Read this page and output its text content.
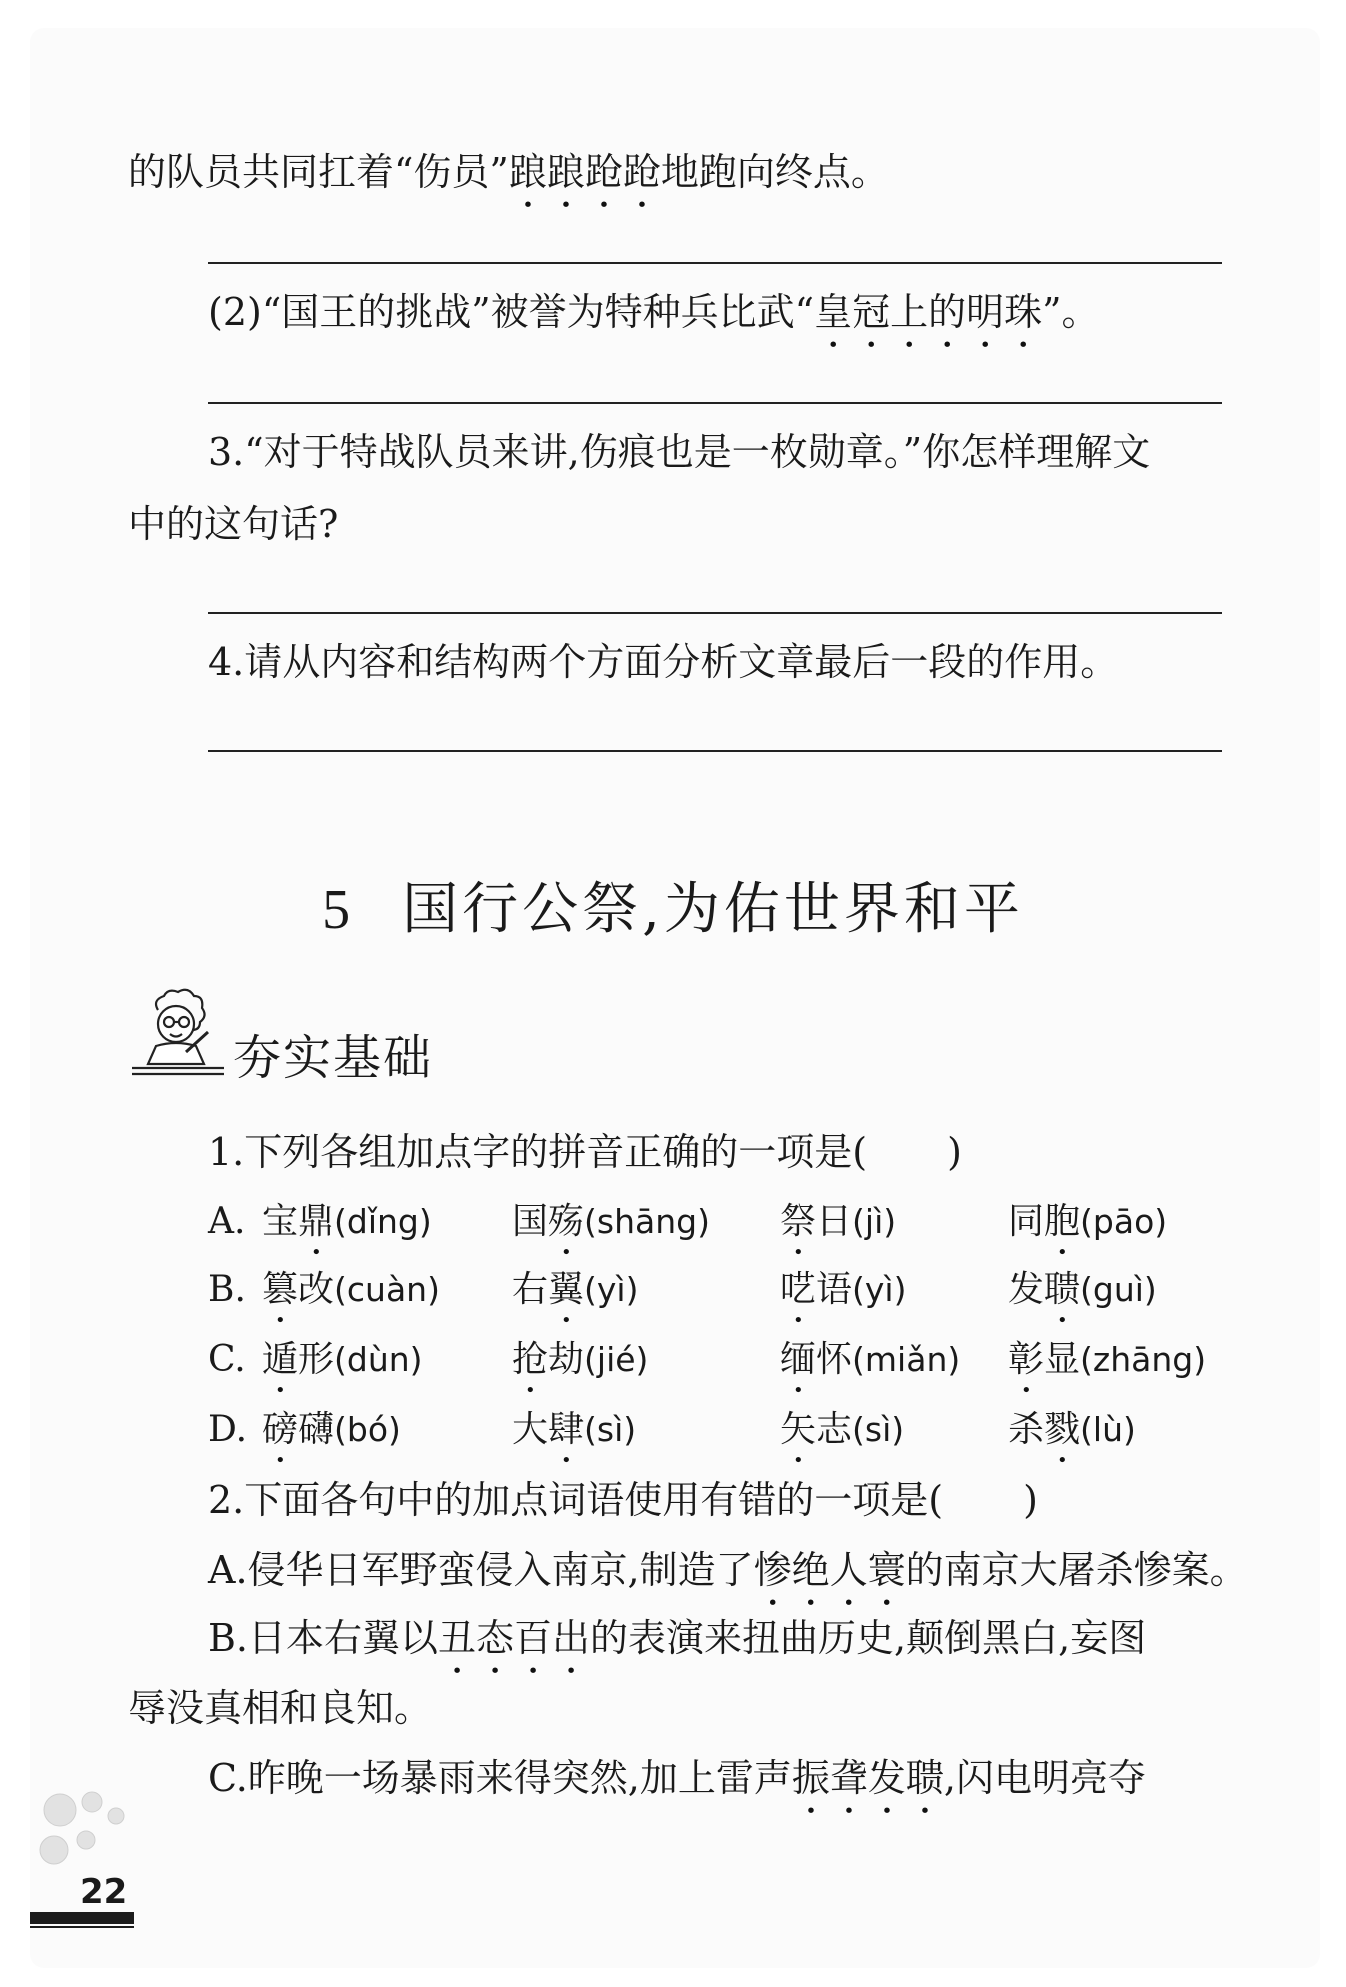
的队员共同扛着“伤员”踉踉跄跄地跑向终点。
(2)“国王的挑战”被誉为特种兵比武“皇冠上的明珠”。
3.“对于特战队员来讲,伤痕也是一枚勋章。”你怎样理解文
中的这句话?
4.请从内容和结构两个方面分析文章最后一段的作用。
5 国行公祭,为佑世界和平
夯实基础
1.下列各组加点字的拼音正确的一项是( )
A. 宝鼎(dǐng) 国殇(shāng) 祭日(jì)	同胞(pāo)
B. 篡改(cuàn) 右翼(yì)	呓语(yì)	发聩(guì)
C. 遁形(dùn) 抢劫(jié)	缅怀(miǎn) 彰显(zhāng)
D. 磅礴(bó)	大肆(sì)	矢志(sì)	杀戮(lù)
2.下面各句中的加点词语使用有错的一项是( )
A.侵华日军野蛮侵入南京,制造了惨绝人寰的南京大屠杀惨案。
B.日本右翼以丑态百出的表演来扭曲历史,颠倒黑白,妄图
辱没真相和良知。
C.昨晚一场暴雨来得突然,加上雷声振聋发聩,闪电明亮夺
22
